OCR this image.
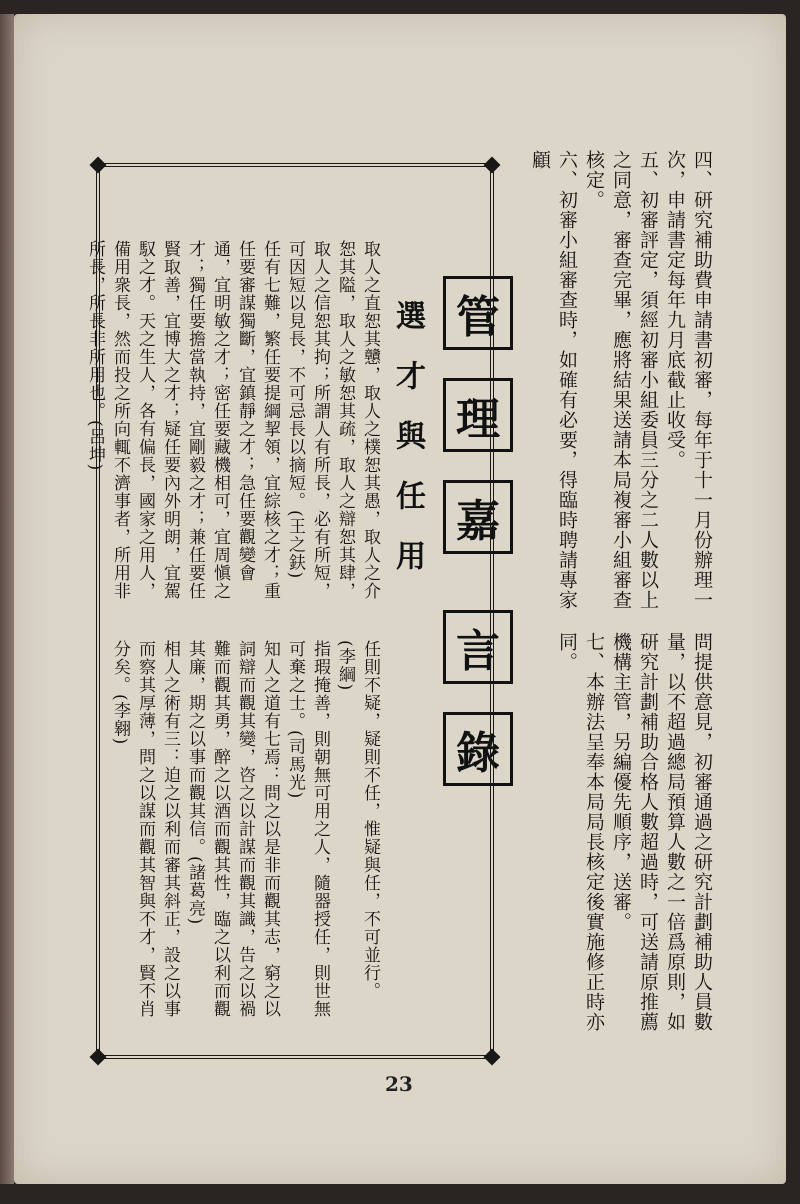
四、研究補助費申請書初審，每年于十一月份辦理一次，申請書定每年九月底截止收受。

五、初審評定，須經初審小組委員三分之二人數以上之同意，審查完畢，應將結果送請本局複審小組審查核定。

六、初審小組審查時，如確有必要，得臨時聘請專家顧

問提供意見，初審通過之研究計劃補助人員數量，以不超過總局預算人數之一倍爲原則，如研究計劃補助合格人數超過時，可送請原推薦機構主管，另編優先順序，送審。

七、本辦法呈奉本局局長核定後實施修正時亦同。

管
理
嘉
言
錄
選才與任用

取人之直恕其戇，取人之樸恕其愚，取人之介恕其隘，取人之敏恕其疏，取人之辯恕其肆，取人之信恕其拘；所謂人有所長，必有所短，可因短以見長，不可忌長以摘短。(王之鈇)

任有七難，繁任要提綱挈領，宜綜核之才；重任要審謀獨斷，宜鎮靜之才；急任要觀變會通，宜明敏之才；密任要藏機相可，宜周愼之才；獨任要擔當執持，宜剛毅之才；兼任要任賢取善，宜博大之才；疑任要內外明朗，宜駕馭之才。天之生人，各有偏長，國家之用人，備用衆長，然而投之所向輒不濟事者，所用非所長，所長非所用也。(呂坤)

任則不疑，疑則不任，惟疑與任，不可並行。(李綱)

指瑕掩善，則朝無可用之人，隨器授任，則世無可棄之士。(司馬光)

知人之道有七焉：問之以是非而觀其志，窮之以詞辯而觀其變，咨之以計謀而觀其識，告之以禍難而觀其勇，醉之以酒而觀其性，臨之以利而觀其廉，期之以事而觀其信。(諸葛亮)

相人之術有三：迫之以利而審其斜正，設之以事而察其厚薄，問之以謀而觀其智與不才，賢不肖分矣。(李翱)

23
